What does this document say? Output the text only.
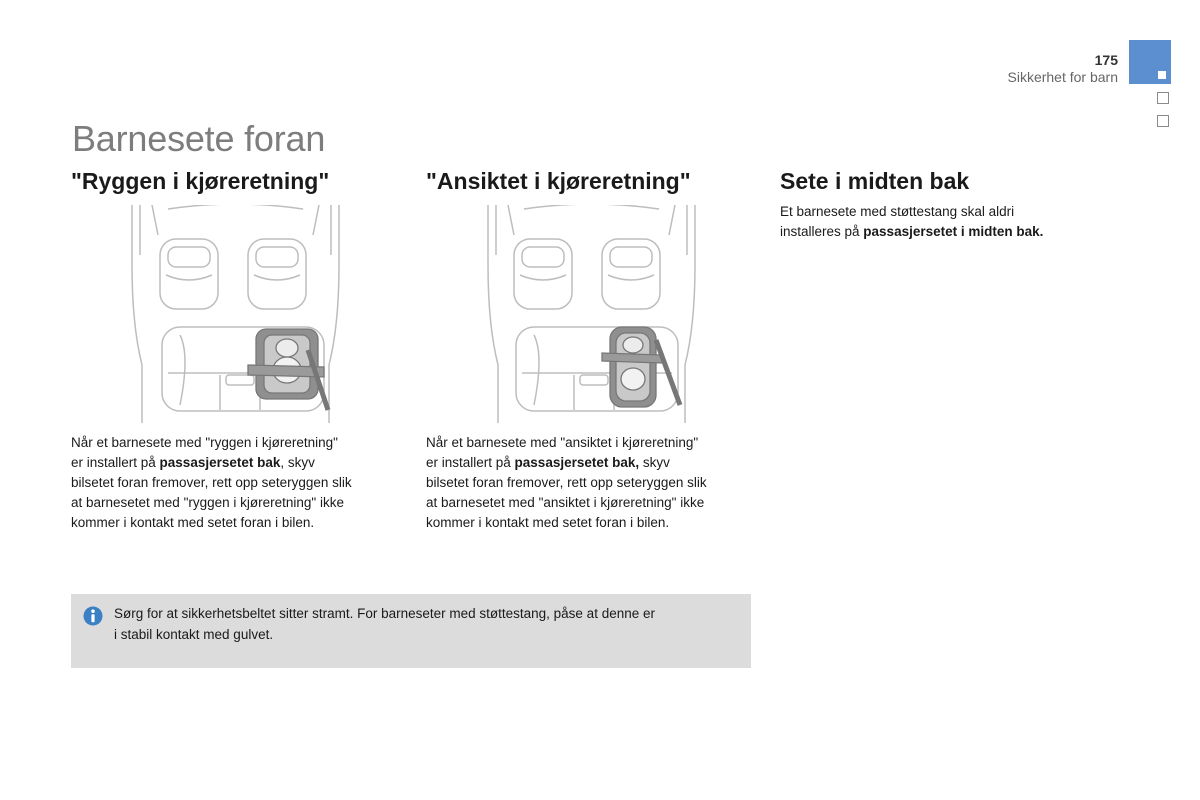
175
Sikkerhet for barn
Barnesete foran
"Ryggen i kjøreretning"
Når et barnesete med "ryggen i kjøreretning"
er installert på passasjersetet bak, skyv
bilsetet foran fremover, rett opp seteryggen slik
at barnesetet med "ryggen i kjøreretning" ikke
kommer i kontakt med setet foran i bilen.
"Ansiktet i kjøreretning"
Når et barnesete med "ansiktet i kjøreretning"
er installert på passasjersetet bak, skyv
bilsetet foran fremover, rett opp seteryggen slik
at barnesetet med "ansiktet i kjøreretning" ikke
kommer i kontakt med setet foran i bilen.
Sete i midten bak
Et barnesete med støttestang skal aldri
installeres på passasjersetet i midten bak.
Sørg for at sikkerhetsbeltet sitter stramt. For barneseter med støttestang, påse at denne er
i stabil kontakt med gulvet.
